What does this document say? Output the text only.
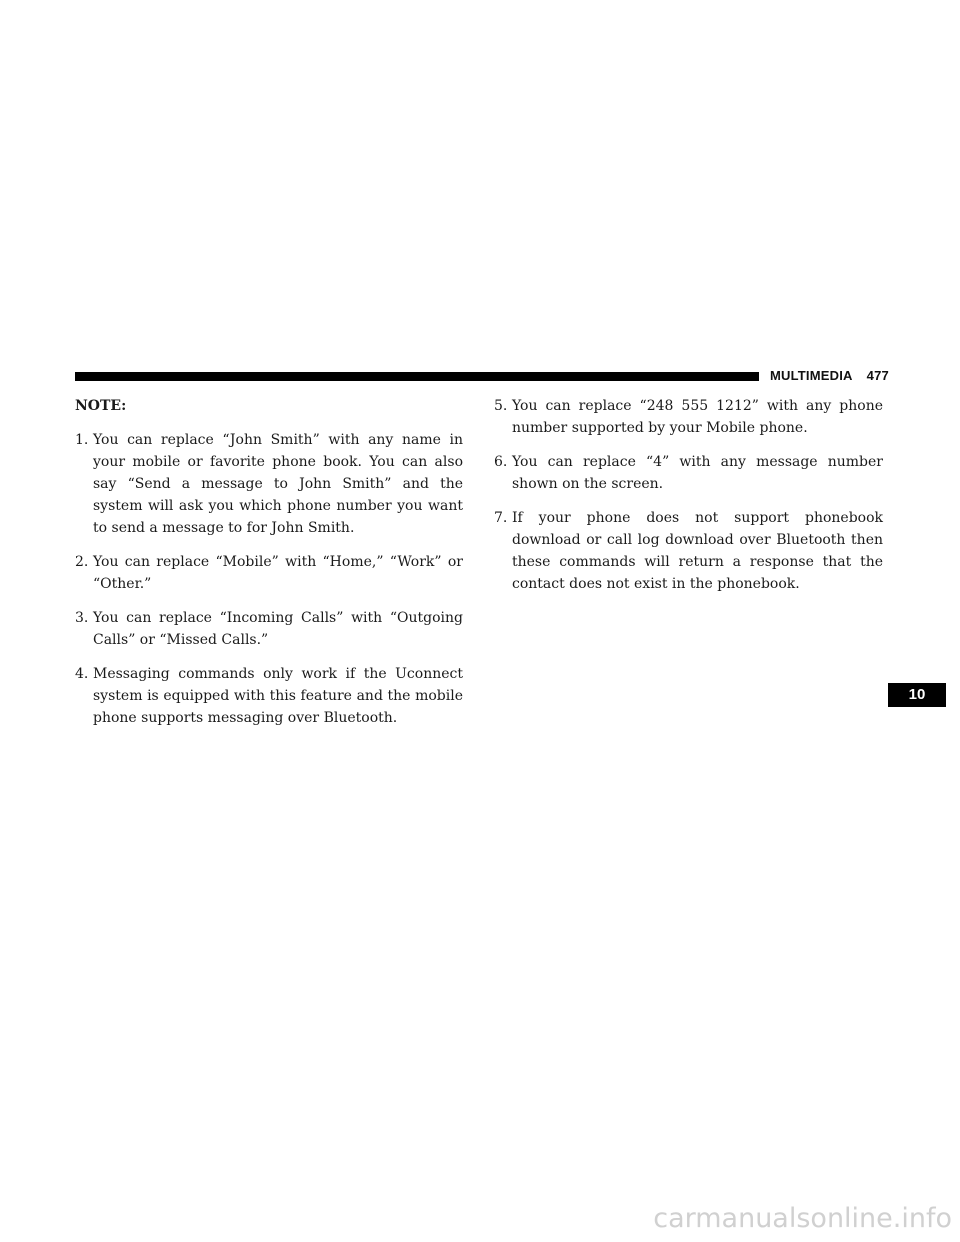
MULTIMEDIA 477
NOTE:
1. You can replace “John Smith” with any name in your mobile or favorite phone book. You can also say “Send a message to John Smith” and the system will ask you which phone number you want to send a message to for John Smith.
2. You can replace “Mobile” with “Home,” “Work” or “Other.”
3. You can replace “Incoming Calls” with “Outgoing Calls” or “Missed Calls.”
4. Messaging commands only work if the Uconnect system is equipped with this feature and the mobile phone supports messaging over Bluetooth.
5. You can replace “248 555 1212” with any phone number supported by your Mobile phone.
6. You can replace “4” with any message number shown on the screen.
7. If your phone does not support phonebook download or call log download over Bluetooth then these commands will return a response that the contact does not exist in the phonebook.
10
carmanualsonline.info
